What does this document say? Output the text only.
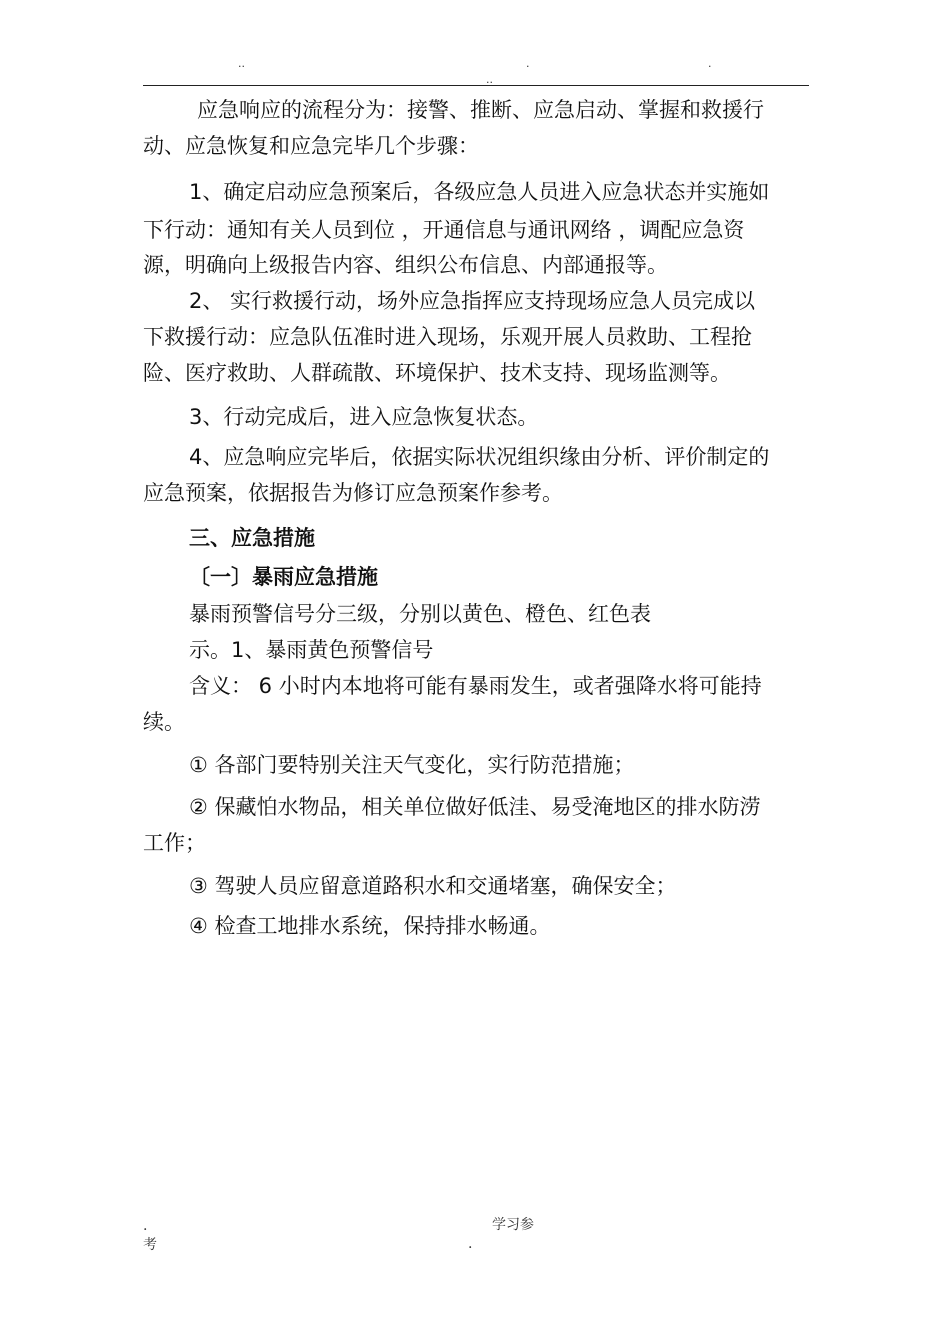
..
..
.	.

应急响应的流程分为：接警、推断、应急启动、掌握和救援行

动、应急恢复和应急完毕几个步骤：

1、确定启动应急预案后，各级应急人员进入应急状态并实施如

下行动：通知有关人员到位 ，开通信息与通讯网络 ，调配应急资

源，明确向上级报告内容、组织公布信息、内部通报等。

2、 实行救援行动，场外应急指挥应支持现场应急人员完成以

下救援行动：应急队伍准时进入现场，乐观开展人员救助、工程抢

险、医疗救助、人群疏散、环境保护、技术支持、现场监测等。

3、行动完成后，进入应急恢复状态。

4、应急响应完毕后，依据实际状况组织缘由分析、评价制定的

应急预案，依据报告为修订应急预案作参考。

三、应急措施

〔一〕暴雨应急措施

暴雨预警信号分三级，分别以黄色、橙色、红色表

示。1、暴雨黄色预警信号

含义： 6 小时内本地将可能有暴雨发生，或者强降水将可能持

续。

① 各部门要特别关注天气变化，实行防范措施；

② 保藏怕水物品，相关单位做好低洼、易受淹地区的排水防涝

工作；

③ 驾驶人员应留意道路积水和交通堵塞，确保安全；

④ 检查工地排水系统，保持排水畅通。

.	学习参
考	.
